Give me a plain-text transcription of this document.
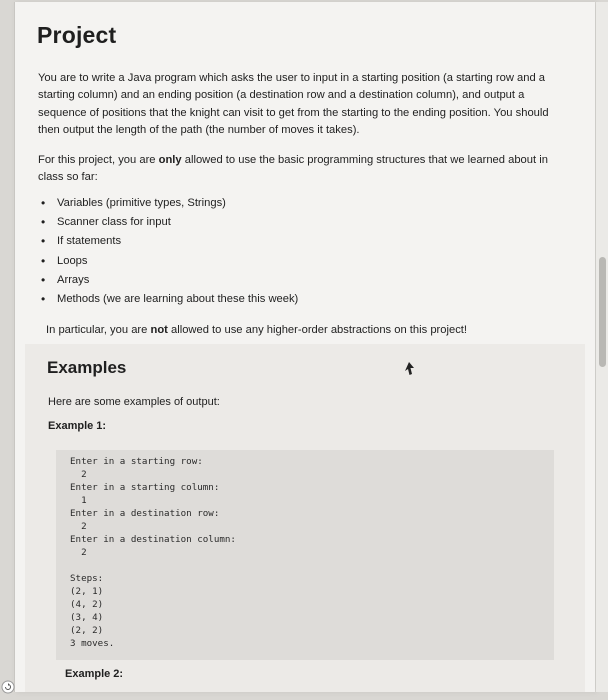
Project

You are to write a Java program which asks the user to input in a starting position (a starting row and a starting column) and an ending position (a destination row and a destination column), and output a sequence of positions that the knight can visit to get from the starting to the ending position. You should then output the length of the path (the number of moves it takes).

For this project, you are only allowed to use the basic programming structures that we learned about in class so far:

• Variables (primitive types, Strings)
• Scanner class for input
• If statements
• Loops
• Arrays
• Methods (we are learning about these this week)

In particular, you are not allowed to use any higher-order abstractions on this project!

Examples

Here are some examples of output:

Example 1:

Enter in a starting row:
2
Enter in a starting column:
1
Enter in a destination row:
2
Enter in a destination column:
2
Steps:
(2, 1)
(4, 2)
(3, 4)
(2, 2)
3 moves.

Example 2:
